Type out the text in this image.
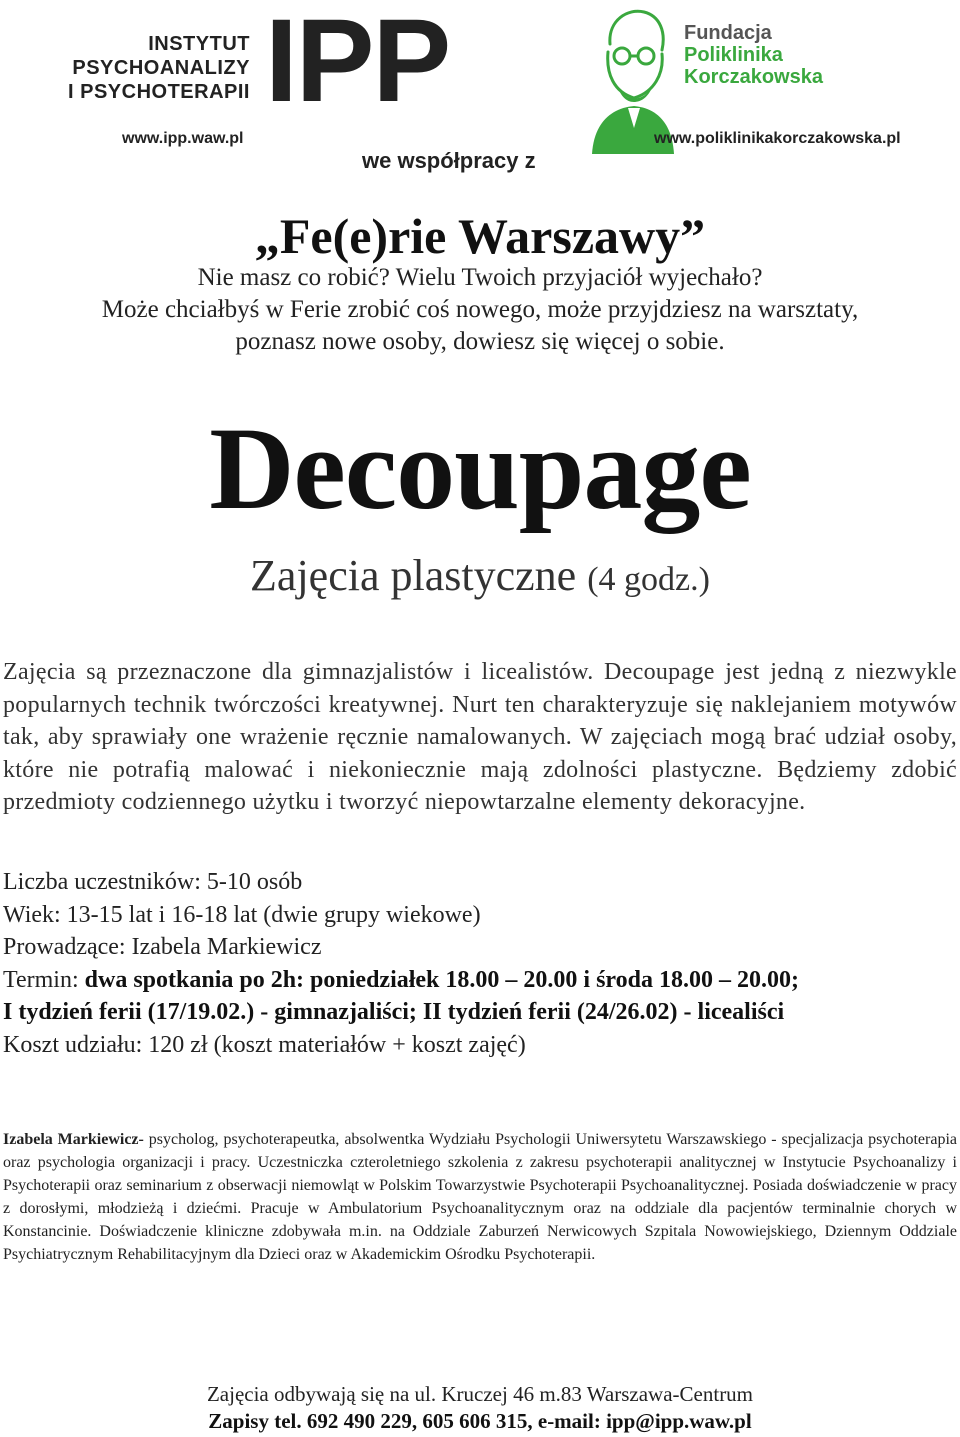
INSTYTUT
PSYCHOANALIZY
I PSYCHOTERAPII IPP
www.ipp.waw.pl
we współpracy z
Fundacja
Poliklinika
Korczakowska
www.poliklinikakorczakowska.pl
„Fe(e)rie Warszawy”
Nie masz co robić? Wielu Twoich przyjaciół wyjechało?
Może chciałbyś w Ferie zrobić coś nowego, może przyjdziesz na warsztaty,
poznasz nowe osoby, dowiesz się więcej o sobie.
Decoupage
Zajęcia plastyczne (4 godz.)
Zajęcia są przeznaczone dla gimnazjalistów i licealistów. Decoupage jest jedną z niezwykle popularnych technik twórczości kreatywnej. Nurt ten charakteryzuje się naklejaniem motywów tak, aby sprawiały one wrażenie ręcznie namalowanych. W zajęciach mogą brać udział osoby, które nie potrafią malować i niekoniecznie mają zdolności plastyczne. Będziemy zdobić przedmioty codziennego użytku i tworzyć niepowtarzalne elementy dekoracyjne.
Liczba uczestników: 5-10 osób
Wiek: 13-15 lat i 16-18 lat (dwie grupy wiekowe)
Prowadzące: Izabela Markiewicz
Termin: dwa spotkania po 2h: poniedziałek 18.00 – 20.00 i środa 18.00 – 20.00;
I tydzień ferii (17/19.02.) - gimnazjaliści; II tydzień ferii (24/26.02) - licealiści
Koszt udziału: 120 zł (koszt materiałów + koszt zajęć)
Izabela Markiewicz- psycholog, psychoterapeutka, absolwentka Wydziału Psychologii Uniwersytetu Warszawskiego - specjalizacja psychoterapia oraz psychologia organizacji i pracy. Uczestniczka czteroletniego szkolenia z zakresu psychoterapii analitycznej w Instytucie Psychoanalizy i Psychoterapii oraz seminarium z obserwacji niemowląt w Polskim Towarzystwie Psychoterapii Psychoanalitycznej. Posiada doświadczenie w pracy z dorosłymi, młodzieżą i dziećmi. Pracuje w Ambulatorium Psychoanalitycznym oraz na oddziale dla pacjentów terminalnie chorych w Konstancinie. Doświadczenie kliniczne zdobywała m.in. na Oddziale Zaburzeń Nerwicowych Szpitala Nowowiejskiego, Dziennym Oddziale Psychiatrycznym Rehabilitacyjnym dla Dzieci oraz w Akademickim Ośrodku Psychoterapii.
Zajęcia odbywają się na ul. Kruczej 46 m.83 Warszawa-Centrum
Zapisy tel. 692 490 229, 605 606 315, e-mail: ipp@ipp.waw.pl
